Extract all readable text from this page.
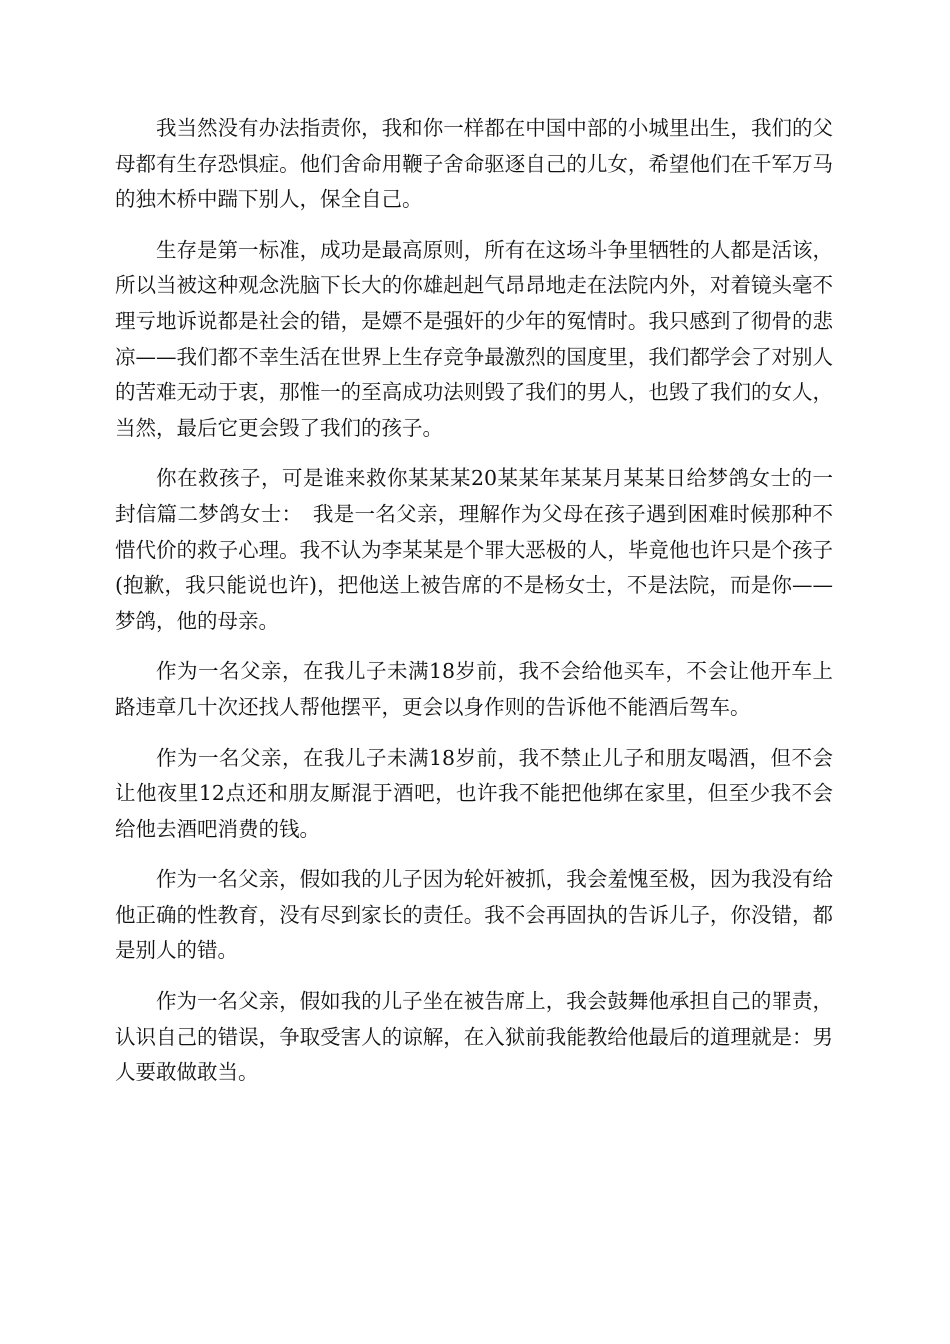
我当然没有办法指责你，我和你一样都在中国中部的小城里出生，我们的父母都有生存恐惧症。他们舍命用鞭子舍命驱逐自己的儿女，希望他们在千军万马的独木桥中踹下别人，保全自己。

生存是第一标准，成功是最高原则，所有在这场斗争里牺牲的人都是活该，所以当被这种观念洗脑下长大的你雄赳赳气昂昂地走在法院内外，对着镜头毫不理亏地诉说都是社会的错，是嫖不是强奸的少年的冤情时。我只感到了彻骨的悲凉——我们都不幸生活在世界上生存竞争最激烈的国度里，我们都学会了对别人的苦难无动于衷，那惟一的至高成功法则毁了我们的男人，也毁了我们的女人，当然，最后它更会毁了我们的孩子。

你在救孩子，可是谁来救你某某某20某某年某某月某某日给梦鸽女士的一封信篇二梦鸽女士：　我是一名父亲，理解作为父母在孩子遇到困难时候那种不惜代价的救子心理。我不认为李某某是个罪大恶极的人，毕竟他也许只是个孩子(抱歉，我只能说也许)，把他送上被告席的不是杨女士，不是法院，而是你——梦鸽，他的母亲。

作为一名父亲，在我儿子未满18岁前，我不会给他买车，不会让他开车上路违章几十次还找人帮他摆平，更会以身作则的告诉他不能酒后驾车。

作为一名父亲，在我儿子未满18岁前，我不禁止儿子和朋友喝酒，但不会让他夜里12点还和朋友厮混于酒吧，也许我不能把他绑在家里，但至少我不会给他去酒吧消费的钱。

作为一名父亲，假如我的儿子因为轮奸被抓，我会羞愧至极，因为我没有给他正确的性教育，没有尽到家长的责任。我不会再固执的告诉儿子，你没错，都是别人的错。

作为一名父亲，假如我的儿子坐在被告席上，我会鼓舞他承担自己的罪责，认识自己的错误，争取受害人的谅解，在入狱前我能教给他最后的道理就是：男人要敢做敢当。
